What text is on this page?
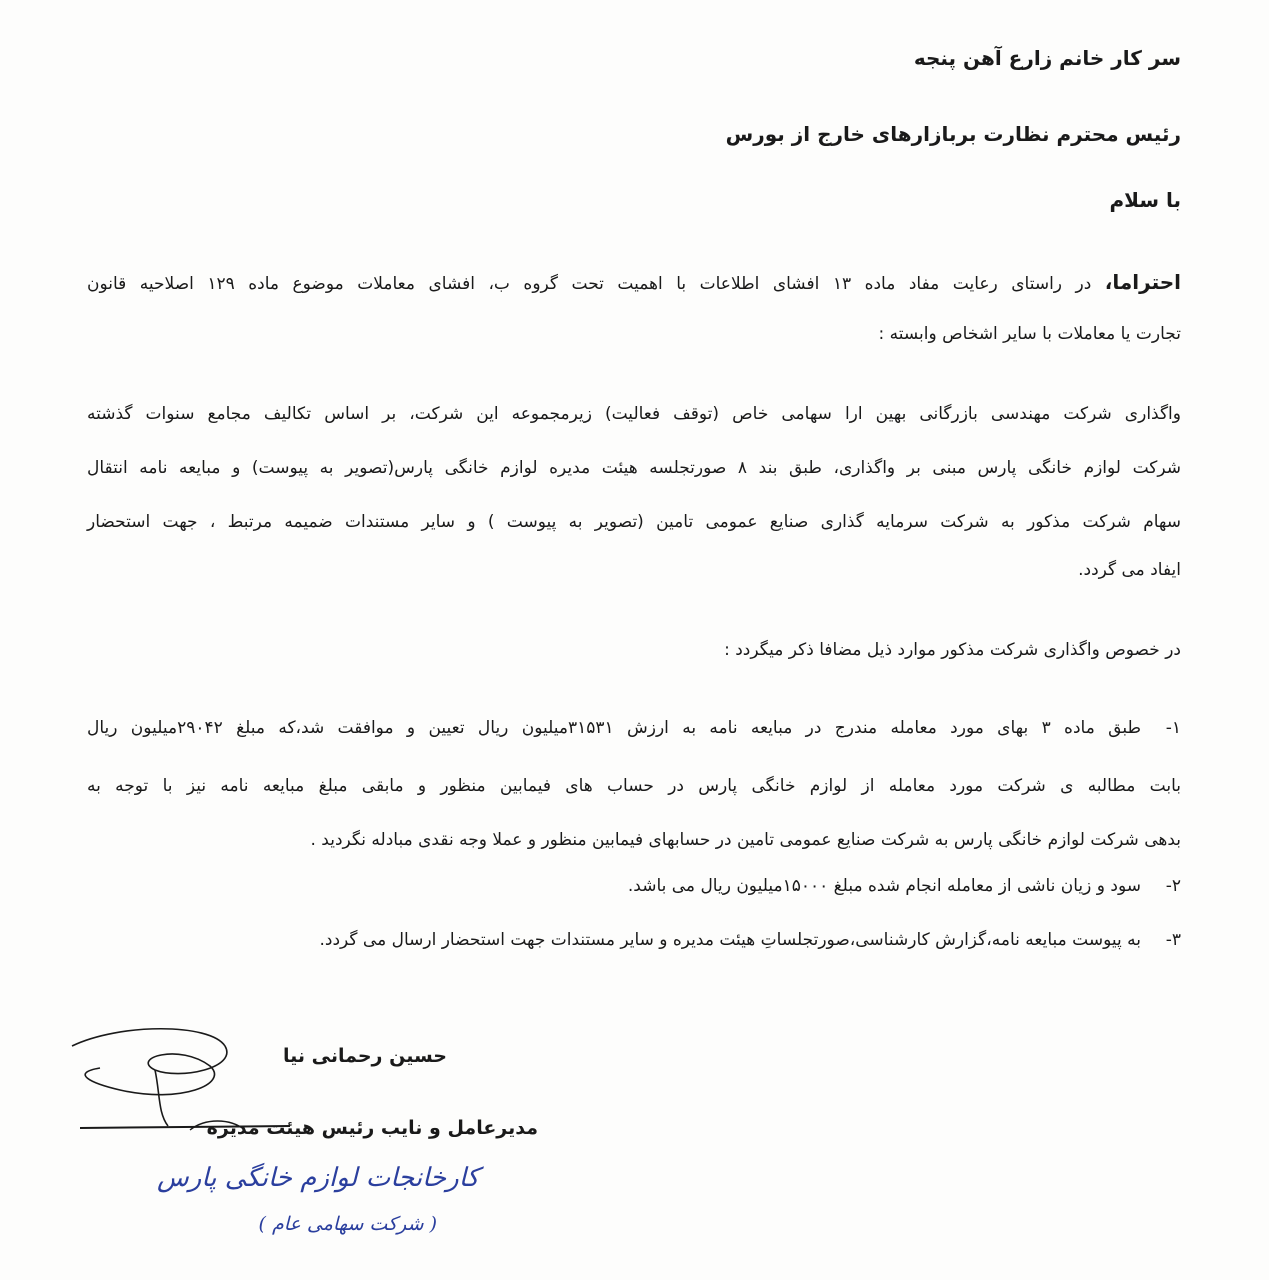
سر کار خانم زارع آهن پنجه
رئیس محترم نظارت بربازارهای خارج از بورس
با سلام
احتراما، در راستای رعایت مفاد ماده ۱۳ افشای اطلاعات با اهمیت تحت گروه ب، افشای معاملات موضوع ماده ۱۲۹ اصلاحیه قانون
تجارت یا معاملات با سایر اشخاص وابسته :
واگذاری شرکت مهندسی بازرگانی بهین ارا سهامی خاص (توقف فعالیت) زیرمجموعه این شرکت، بر اساس تکالیف مجامع سنوات گذشته
شرکت لوازم خانگی پارس مبنی بر واگذاری، طبق بند ۸ صورتجلسه هیئت مدیره لوازم خانگی پارس(تصویر به پیوست) و مبایعه نامه انتقال
سهام شرکت مذکور به شرکت سرمایه گذاری صنایع عمومی تامین (تصویر به پیوست ) و سایر مستندات ضمیمه مرتبط ، جهت استحضار
ایفاد می گردد.
در خصوص واگذاری شرکت مذکور موارد ذیل مضافا ذکر میگردد :
۱-
طبق ماده ۳ بهای مورد معامله مندرج در مبایعه نامه به ارزش ۳۱۵۳۱میلیون ریال تعیین و موافقت شد،که مبلغ ۲۹۰۴۲میلیون ریال
بابت مطالبه ی شرکت مورد معامله از لوازم خانگی پارس در حساب های فیمابین منظور و مابقی مبلغ مبایعه نامه نیز با توجه به
بدهی شرکت لوازم خانگی پارس به شرکت صنایع عمومی تامین در حسابهای فیمابین منظور و عملا وجه نقدی مبادله نگردید .
۲-
سود و زیان ناشی از معامله انجام شده مبلغ ۱۵۰۰۰میلیون ریال می باشد.
۳-
به پیوست مبایعه نامه،گزارش کارشناسی،صورتجلساتِ هیئت مدیره و سایر مستندات جهت استحضار ارسال می گردد.
حسین رحمانی نیا
مدیرعامل و نایب رئیس هیئت مدیره
کارخانجات لوازم خانگی پارس
( شرکت سهامی عام )
